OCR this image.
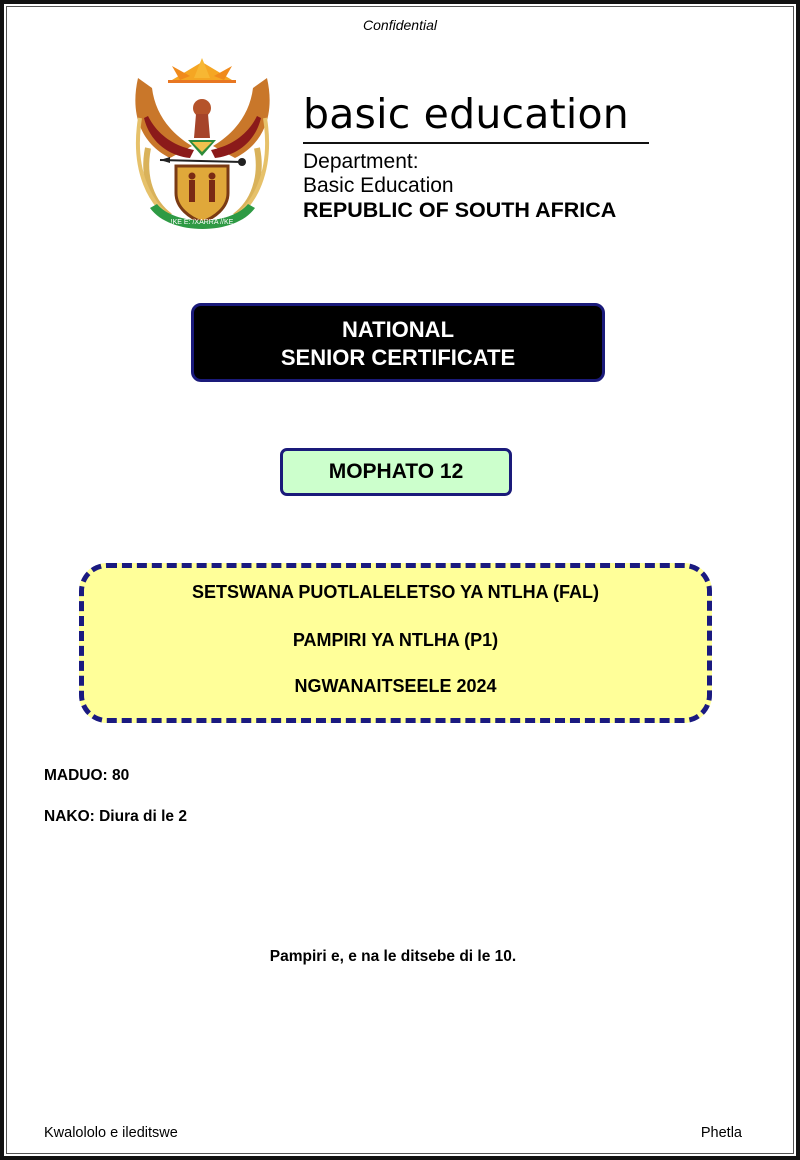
Confidential
!KE E: /XARRA //KE
basic education
Department:
Basic Education
REPUBLIC OF SOUTH AFRICA
NATIONAL
SENIOR CERTIFICATE
MOPHATO 12
SETSWANA PUOTLALELETSO YA NTLHA (FAL)
PAMPIRI YA NTLHA (P1)
NGWANAITSEELE 2024
MADUO: 80
NAKO: Diura di le 2
Pampiri e, e na le ditsebe di le 10.
Kwalololo e ileditswe	Phetla
